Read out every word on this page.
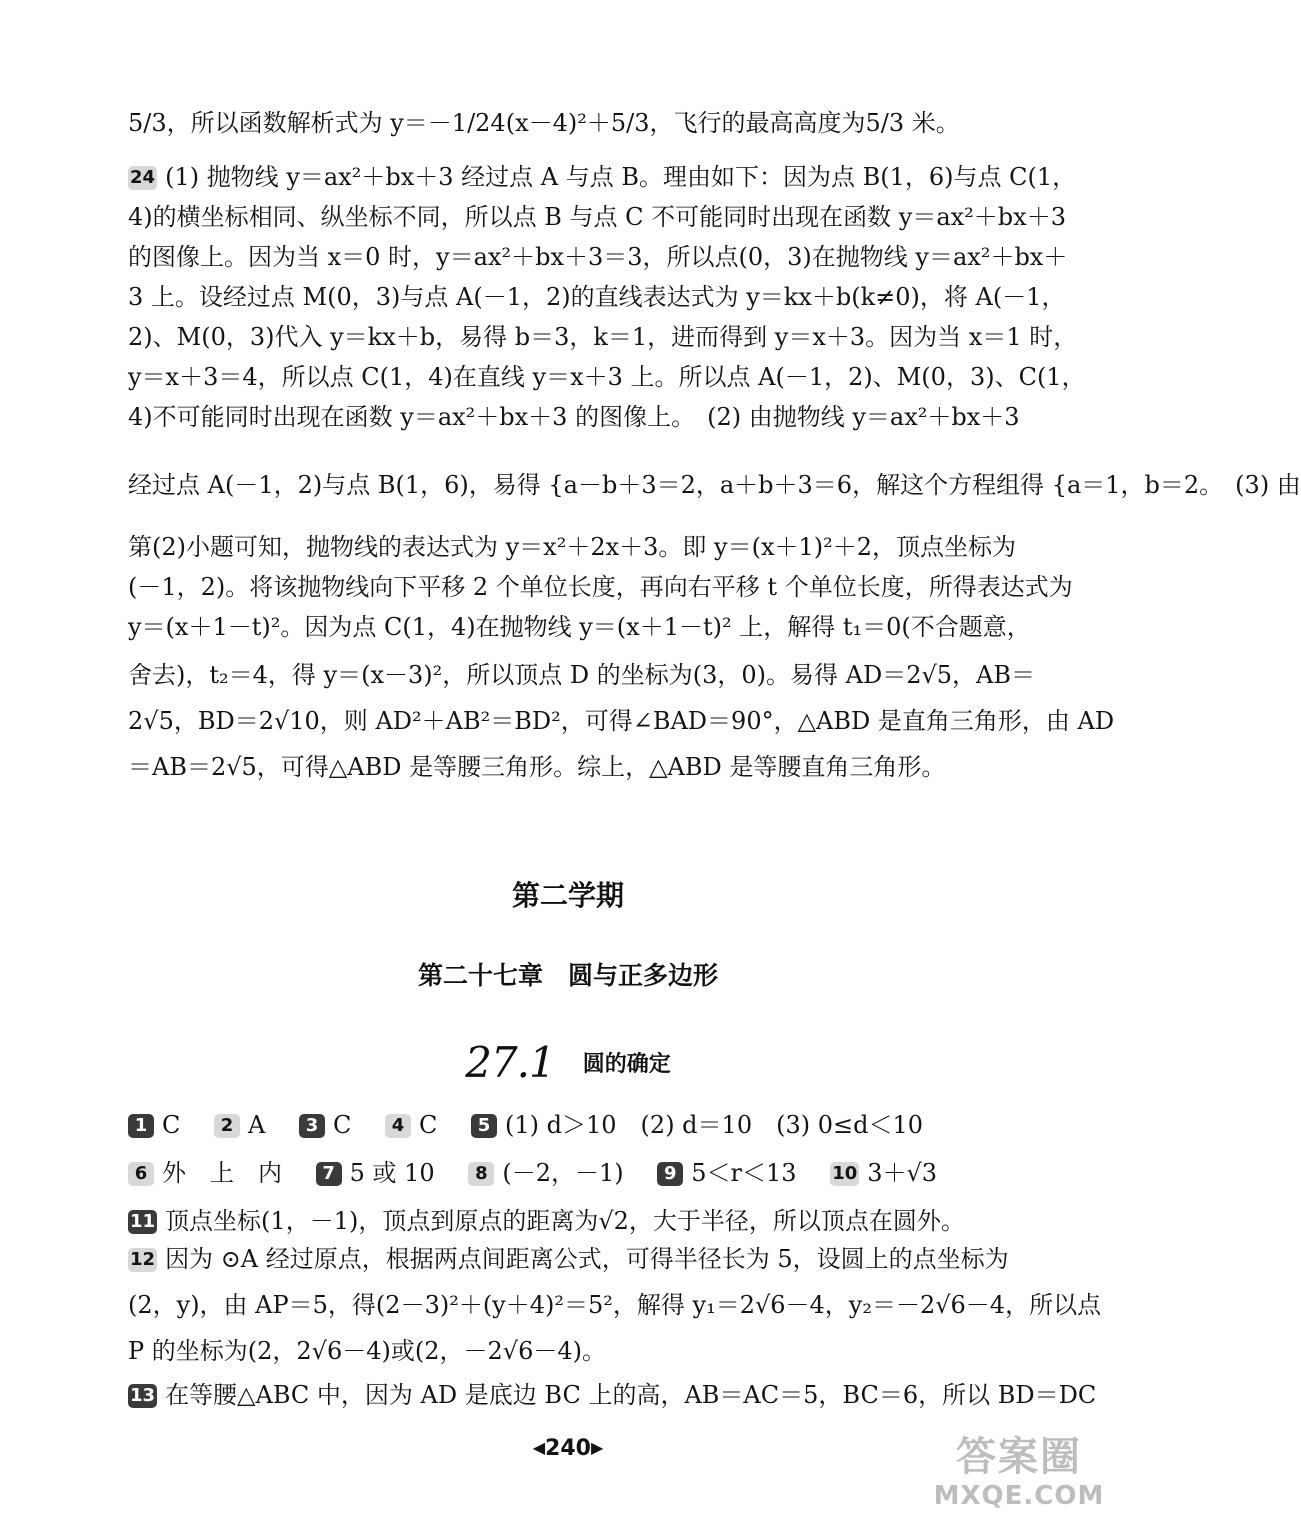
5/3，所以函数解析式为 y＝－1/24(x－4)²＋5/3，飞行的最高高度为5/3 米。
24 (1) 抛物线 y＝ax²＋bx＋3 经过点 A 与点 B。理由如下：因为点 B(1，6)与点 C(1，
4)的横坐标相同、纵坐标不同，所以点 B 与点 C 不可能同时出现在函数 y＝ax²＋bx＋3
的图像上。因为当 x＝0 时，y＝ax²＋bx＋3＝3，所以点(0，3)在抛物线 y＝ax²＋bx＋
3 上。设经过点 M(0，3)与点 A(－1，2)的直线表达式为 y＝kx＋b(k≠0)，将 A(－1，
2)、M(0，3)代入 y＝kx＋b，易得 b＝3，k＝1，进而得到 y＝x＋3。因为当 x＝1 时，
y＝x＋3＝4，所以点 C(1，4)在直线 y＝x＋3 上。所以点 A(－1，2)、M(0，3)、C(1，
4)不可能同时出现在函数 y＝ax²＋bx＋3 的图像上。　(2) 由抛物线 y＝ax²＋bx＋3
经过点 A(－1，2)与点 B(1，6)，易得 {a－b＋3＝2，a＋b＋3＝6，解这个方程组得 {a＝1，b＝2。　(3) 由
第(2)小题可知，抛物线的表达式为 y＝x²＋2x＋3。即 y＝(x＋1)²＋2，顶点坐标为
(－1，2)。将该抛物线向下平移 2 个单位长度，再向右平移 t 个单位长度，所得表达式为
y＝(x＋1－t)²。因为点 C(1，4)在抛物线 y＝(x＋1－t)² 上，解得 t₁＝0(不合题意，
舍去)，t₂＝4，得 y＝(x－3)²，所以顶点 D 的坐标为(3，0)。易得 AD＝2√5，AB＝
2√5，BD＝2√10，则 AD²＋AB²＝BD²，可得∠BAD＝90°，△ABD 是直角三角形，由 AD
＝AB＝2√5，可得△ABD 是等腰三角形。综上，△ABD 是等腰直角三角形。
第二学期
第二十七章　圆与正多边形
27.1 $^{圆的确定}$
1 C 2 A 3 C 4 C 5 (1) d＞10　(2) d＝10　(3) 0≤d＜10
6 外　上　内 7 5 或 10 8 (－2，－1) 9 5＜r＜13 10 3＋√3
11 顶点坐标(1，－1)，顶点到原点的距离为√2，大于半径，所以顶点在圆外。
12 因为 ⊙A 经过原点，根据两点间距离公式，可得半径长为 5，设圆上的点坐标为
(2，y)，由 AP＝5，得(2－3)²＋(y＋4)²＝5²，解得 y₁＝2√6－4，y₂＝－2√6－4，所以点
P 的坐标为(2，2√6－4)或(2，－2√6－4)。
13 在等腰△ABC 中，因为 AD 是底边 BC 上的高，AB＝AC＝5，BC＝6，所以 BD＝DC
◀240▶	答案圈
MXQE.COM
